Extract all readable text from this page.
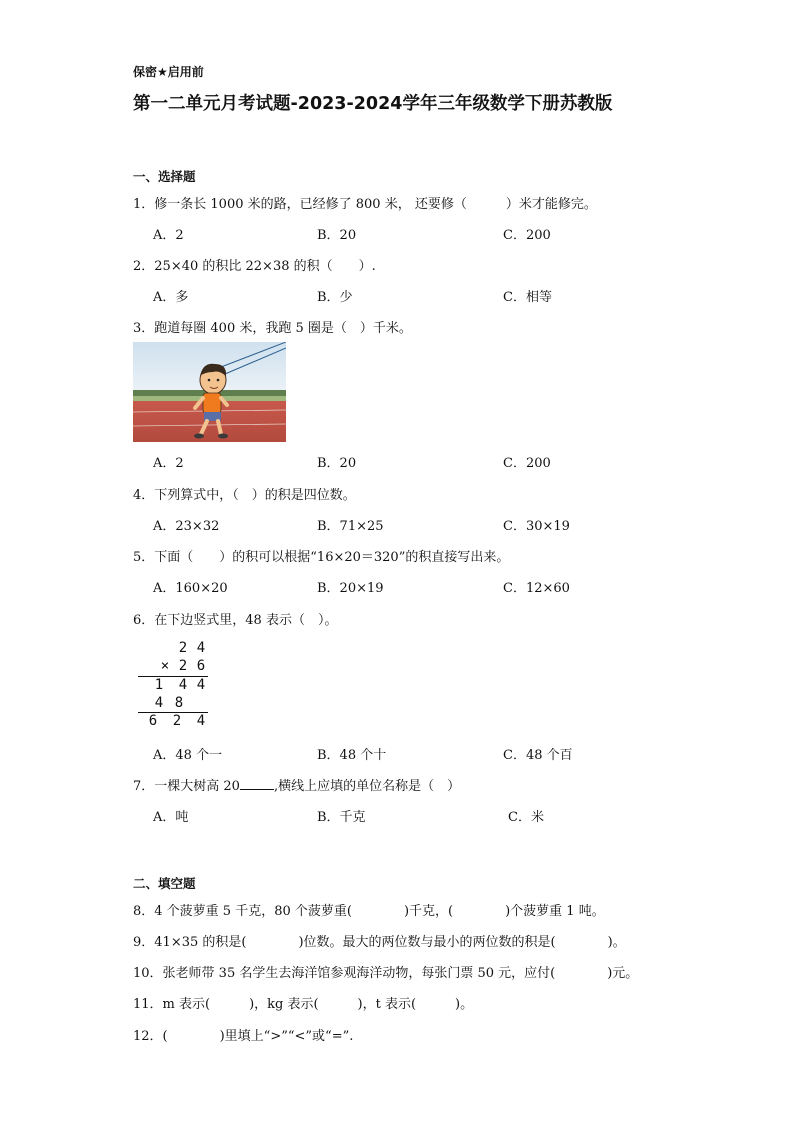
保密★启用前
第一二单元月考试题-2023-2024学年三年级数学下册苏教版
一、选择题
1．修一条长 1000 米的路，已经修了 800 米， 还要修（　　　）米才能修完。
A．2	B．20	C．200
2．25×40 的积比 22×38 的积（　　）.
A．多	B．少	C．相等
3．跑道每圈 400 米，我跑 5 圈是（　）千米。
A．2	B．20	C．200
4．下列算式中，（　）的积是四位数。
A．23×32	B．71×25	C．30×19
5．下面（　　）的积可以根据“16×20＝320”的积直接写出来。
A．160×20	B．20×19	C．12×60
6．在下边竖式里，48 表示（　）。
2 4
× 2 6
1	4 4
4 8
6	2	4
A．48 个一	B．48 个十	C．48 个百
7．一棵大树高 20	,横线上应填的单位名称是（　）
A．吨	B．千克	C．米
二、填空题
8．4 个菠萝重 5 千克，80 个菠萝重(　　　　)千克，(　　　　)个菠萝重 1 吨。
9．41×35 的积是(　　　　)位数。最大的两位数与最小的两位数的积是(　　　　)。
10．张老师带 35 名学生去海洋馆参观海洋动物，每张门票 50 元，应付(　　　　)元。
11．m 表示(　　　)，kg 表示(　　　)，t 表示(　　　)。
12．(　　　　)里填上“>”“<”或“=”.
